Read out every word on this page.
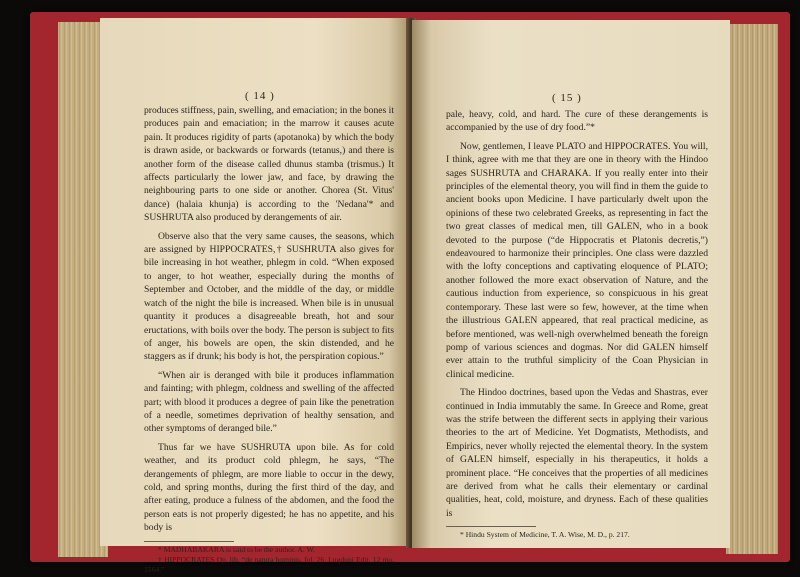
( 14 )

produces stiffness, pain, swelling, and emaciation; in the bones it produces pain and emaciation; in the marrow it causes acute pain. It produces rigidity of parts (apotanoka) by which the body is drawn aside, or backwards or forwards (tetanus,) and there is another form of the disease called dhunus stamba (trismus.) It affects particularly the lower jaw, and face, by drawing the neighbouring parts to one side or another. Chorea (St. Vitus' dance) (halaia khunja) is according to the 'Nedana'* and SUSHRUTA also produced by derangements of air.

Observe also that the very same causes, the seasons, which are assigned by HIPPOCRATES,† SUSHRUTA also gives for bile increasing in hot weather, phlegm in cold. “When exposed to anger, to hot weather, especially during the months of September and October, and the middle of the day, or middle watch of the night the bile is increased. When bile is in unusual quantity it produces a disagreeable breath, hot and sour eructations, with boils over the body. The person is subject to fits of anger, his bowels are open, the skin distended, and he staggers as if drunk; his body is hot, the perspiration copious.”

“When air is deranged with bile it produces inflammation and fainting; with phlegm, coldness and swelling of the affected part; with blood it produces a degree of pain like the penetration of a needle, sometimes deprivation of healthy sensation, and other symptoms of deranged bile.”

Thus far we have SUSHRUTA upon bile. As for cold weather, and its product cold phlegm, he says, “The derangements of phlegm, are more liable to occur in the dewy, cold, and spring months, during the first third of the day, and after eating, produce a fulness of the abdomen, and the food the person eats is not properly digested; he has no appetite, and his body is

* MADHABAKARA is said to be the author. A. W.

† HIPPOCRATES Op. lib. “de natura hominis, fol. 26. Lugduni Edit. 12 mo. 1564.”

( 15 )

pale, heavy, cold, and hard. The cure of these derangements is accompanied by the use of dry food.”*

Now, gentlemen, I leave PLATO and HIPPOCRATES. You will, I think, agree with me that they are one in theory with the Hindoo sages SUSHRUTA and CHARAKA. If you really enter into their principles of the elemental theory, you will find in them the guide to ancient books upon Medicine. I have particularly dwelt upon the opinions of these two celebrated Greeks, as representing in fact the two great classes of medical men, till GALEN, who in a book devoted to the purpose (“de Hippocratis et Platonis decretis,”) endeavoured to harmonize their principles. One class were dazzled with the lofty conceptions and captivating eloquence of PLATO; another followed the more exact observation of Nature, and the cautious induction from experience, so conspicuous in his great contemporary. These last were so few, however, at the time when the illustrious GALEN appeared, that real practical medicine, as before mentioned, was well-nigh overwhelmed beneath the foreign pomp of various sciences and dogmas. Nor did GALEN himself ever attain to the truthful simplicity of the Coan Physician in clinical medicine.

The Hindoo doctrines, based upon the Vedas and Shastras, ever continued in India immutably the same. In Greece and Rome, great was the strife between the different sects in applying their various theories to the art of Medicine. Yet Dogmatists, Methodists, and Empirics, never wholly rejected the elemental theory. In the system of GALEN himself, especially in his therapeutics, it holds a prominent place. “He conceives that the properties of all medicines are derived from what he calls their elementary or cardinal qualities, heat, cold, moisture, and dryness. Each of these qualities is

* Hindu System of Medicine, T. A. Wise, M. D., p. 217.
